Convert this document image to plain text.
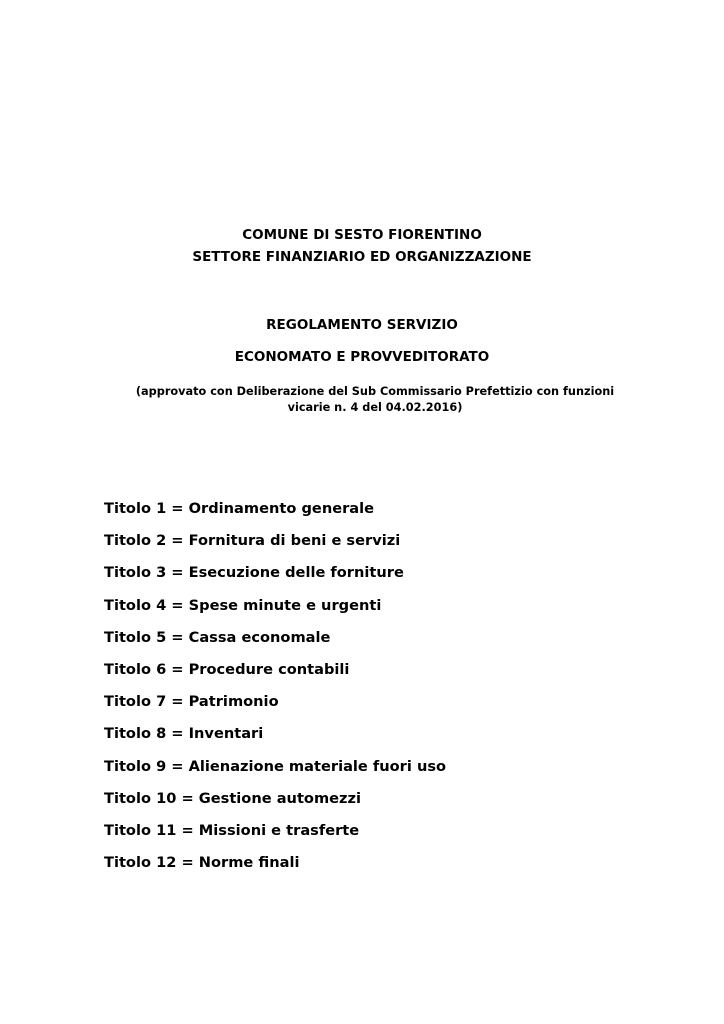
COMUNE DI SESTO FIORENTINO
SETTORE FINANZIARIO ED ORGANIZZAZIONE
REGOLAMENTO SERVIZIO
ECONOMATO E PROVVEDITORATO
(approvato con Deliberazione del Sub Commissario Prefettizio con funzioni
vicarie n. 4 del 04.02.2016)
Titolo 1 = Ordinamento generale
Titolo 2 = Fornitura di beni e servizi
Titolo 3 = Esecuzione delle forniture
Titolo 4 = Spese minute e urgenti
Titolo 5 = Cassa economale
Titolo 6 = Procedure contabili
Titolo 7 = Patrimonio
Titolo 8 = Inventari
Titolo 9 = Alienazione materiale fuori uso
Titolo 10 = Gestione automezzi
Titolo 11 = Missioni e trasferte
Titolo 12 = Norme finali
